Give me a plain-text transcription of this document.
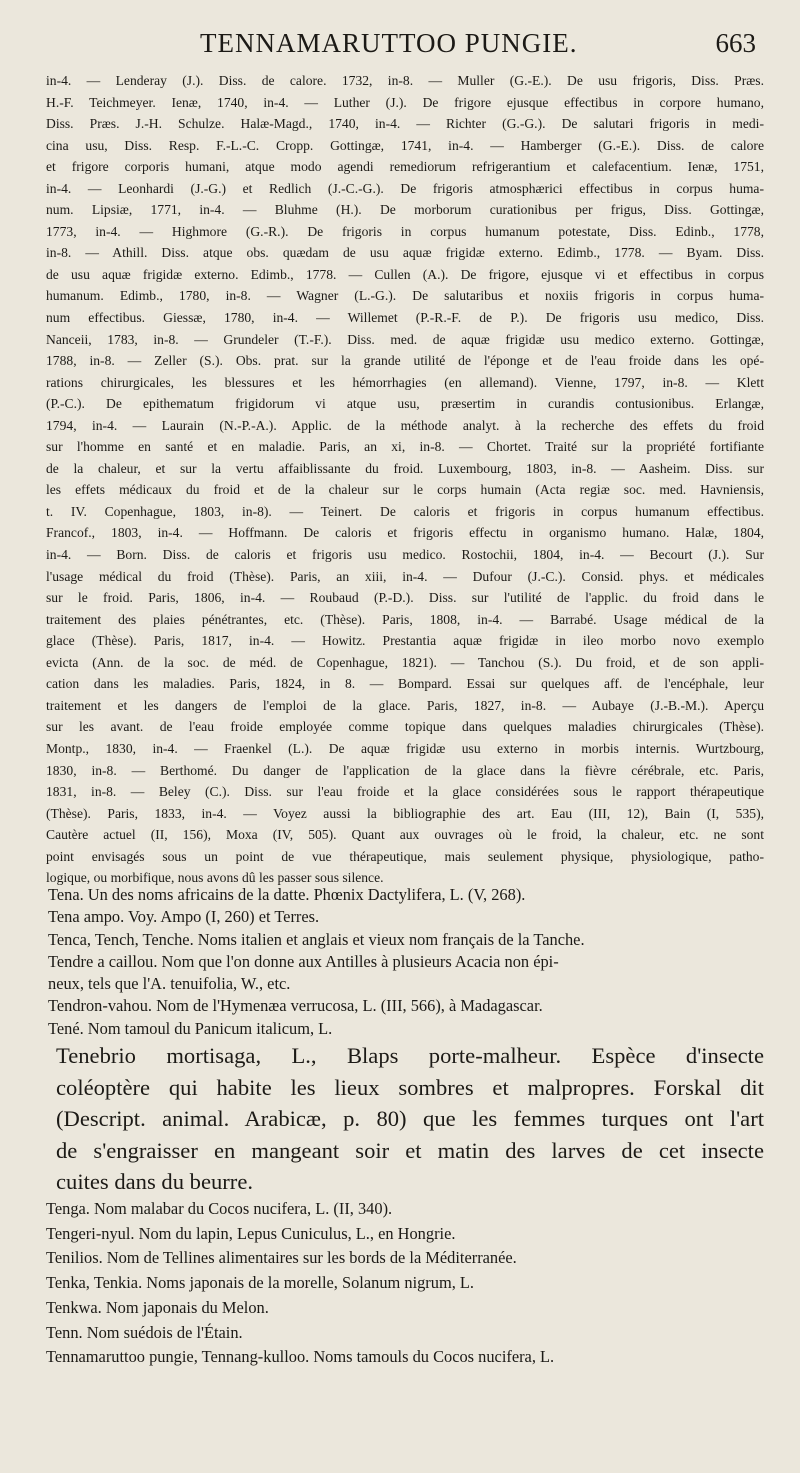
TENNAMARUTTOO PUNGIE.	663

in-4. — Lenderay (J.). Diss. de calore. 1732, in-8. — Muller (G.-E.). De usu frigoris, Diss. Præs.

H.-F. Teichmeyer. Ienæ, 1740, in-4. — Luther (J.). De frigore ejusque effectibus in corpore humano,

Diss. Præs. J.-H. Schulze. Halæ-Magd., 1740, in-4. — Richter (G.-G.). De salutari frigoris in medi-

cina usu, Diss. Resp. F.-L.-C. Cropp. Gottingæ, 1741, in-4. — Hamberger (G.-E.). Diss. de calore

et frigore corporis humani, atque modo agendi remediorum refrigerantium et calefacentium. Ienæ, 1751,

in-4. — Leonhardi (J.-G.) et Redlich (J.-C.-G.). De frigoris atmosphærici effectibus in corpus huma-

num. Lipsiæ, 1771, in-4. — Bluhme (H.). De morborum curationibus per frigus, Diss. Gottingæ,

1773, in-4. — Highmore (G.-R.). De frigoris in corpus humanum potestate, Diss. Edinb., 1778,

in-8. — Athill. Diss. atque obs. quædam de usu aquæ frigidæ externo. Edimb., 1778. — Byam. Diss.

de usu aquæ frigidæ externo. Edimb., 1778. — Cullen (A.). De frigore, ejusque vi et effectibus in corpus

humanum. Edimb., 1780, in-8. — Wagner (L.-G.). De salutaribus et noxiis frigoris in corpus huma-

num effectibus. Giessæ, 1780, in-4. — Willemet (P.-R.-F. de P.). De frigoris usu medico, Diss.

Nanceii, 1783, in-8. — Grundeler (T.-F.). Diss. med. de aquæ frigidæ usu medico externo. Gottingæ,

1788, in-8. — Zeller (S.). Obs. prat. sur la grande utilité de l'éponge et de l'eau froide dans les opé-

rations chirurgicales, les blessures et les hémorrhagies (en allemand). Vienne, 1797, in-8. — Klett

(P.-C.). De epithematum frigidorum vi atque usu, præsertim in curandis contusionibus. Erlangæ,

1794, in-4. — Laurain (N.-P.-A.). Applic. de la méthode analyt. à la recherche des effets du froid

sur l'homme en santé et en maladie. Paris, an xi, in-8. — Chortet. Traité sur la propriété fortifiante

de la chaleur, et sur la vertu affaiblissante du froid. Luxembourg, 1803, in-8. — Aasheim. Diss. sur

les effets médicaux du froid et de la chaleur sur le corps humain (Acta regiæ soc. med. Havniensis,

t. IV. Copenhague, 1803, in-8). — Teinert. De caloris et frigoris in corpus humanum effectibus.

Francof., 1803, in-4. — Hoffmann. De caloris et frigoris effectu in organismo humano. Halæ, 1804,

in-4. — Born. Diss. de caloris et frigoris usu medico. Rostochii, 1804, in-4. — Becourt (J.). Sur

l'usage médical du froid (Thèse). Paris, an xiii, in-4. — Dufour (J.-C.). Consid. phys. et médicales

sur le froid. Paris, 1806, in-4. — Roubaud (P.-D.). Diss. sur l'utilité de l'applic. du froid dans le

traitement des plaies pénétrantes, etc. (Thèse). Paris, 1808, in-4. — Barrabé. Usage médical de la

glace (Thèse). Paris, 1817, in-4. — Howitz. Prestantia aquæ frigidæ in ileo morbo novo exemplo

evicta (Ann. de la soc. de méd. de Copenhague, 1821). — Tanchou (S.). Du froid, et de son appli-

cation dans les maladies. Paris, 1824, in 8. — Bompard. Essai sur quelques aff. de l'encéphale, leur

traitement et les dangers de l'emploi de la glace. Paris, 1827, in-8. — Aubaye (J.-B.-M.). Aperçu

sur les avant. de l'eau froide employée comme topique dans quelques maladies chirurgicales (Thèse).

Montp., 1830, in-4. — Fraenkel (L.). De aquæ frigidæ usu externo in morbis internis. Wurtzbourg,

1830, in-8. — Berthomé. Du danger de l'application de la glace dans la fièvre cérébrale, etc. Paris,

1831, in-8. — Beley (C.). Diss. sur l'eau froide et la glace considérées sous le rapport thérapeutique

(Thèse). Paris, 1833, in-4. — Voyez aussi la bibliographie des art. Eau (III, 12), Bain (I, 535),

Cautère actuel (II, 156), Moxa (IV, 505). Quant aux ouvrages où le froid, la chaleur, etc. ne sont

point envisagés sous un point de vue thérapeutique, mais seulement physique, physiologique, patho-

logique, ou morbifique, nous avons dû les passer sous silence.

Tena. Un des noms africains de la datte. Phœnix Dactylifera, L. (V, 268).

Tena ampo. Voy. Ampo (I, 260) et Terres.

Tenca, Tench, Tenche. Noms italien et anglais et vieux nom français de la Tanche.

Tendre a caillou. Nom que l'on donne aux Antilles à plusieurs Acacia non épi-

neux, tels que l'A. tenuifolia, W., etc.

Tendron-vahou. Nom de l'Hymenæa verrucosa, L. (III, 566), à Madagascar.

Tené. Nom tamoul du Panicum italicum, L.

Tenebrio mortisaga, L., Blaps porte-malheur. Espèce d'insecte

coléoptère qui habite les lieux sombres et malpropres. Forskal dit

(Descript. animal. Arabicæ, p. 80) que les femmes turques ont l'art

de s'engraisser en mangeant soir et matin des larves de cet insecte

cuites dans du beurre.

Tenga. Nom malabar du Cocos nucifera, L. (II, 340).

Tengeri-nyul. Nom du lapin, Lepus Cuniculus, L., en Hongrie.

Tenilios. Nom de Tellines alimentaires sur les bords de la Méditerranée.

Tenka, Tenkia. Noms japonais de la morelle, Solanum nigrum, L.

Tenkwa. Nom japonais du Melon.

Tenn. Nom suédois de l'Étain.

Tennamaruttoo pungie, Tennang-kulloo. Noms tamouls du Cocos nucifera, L.
